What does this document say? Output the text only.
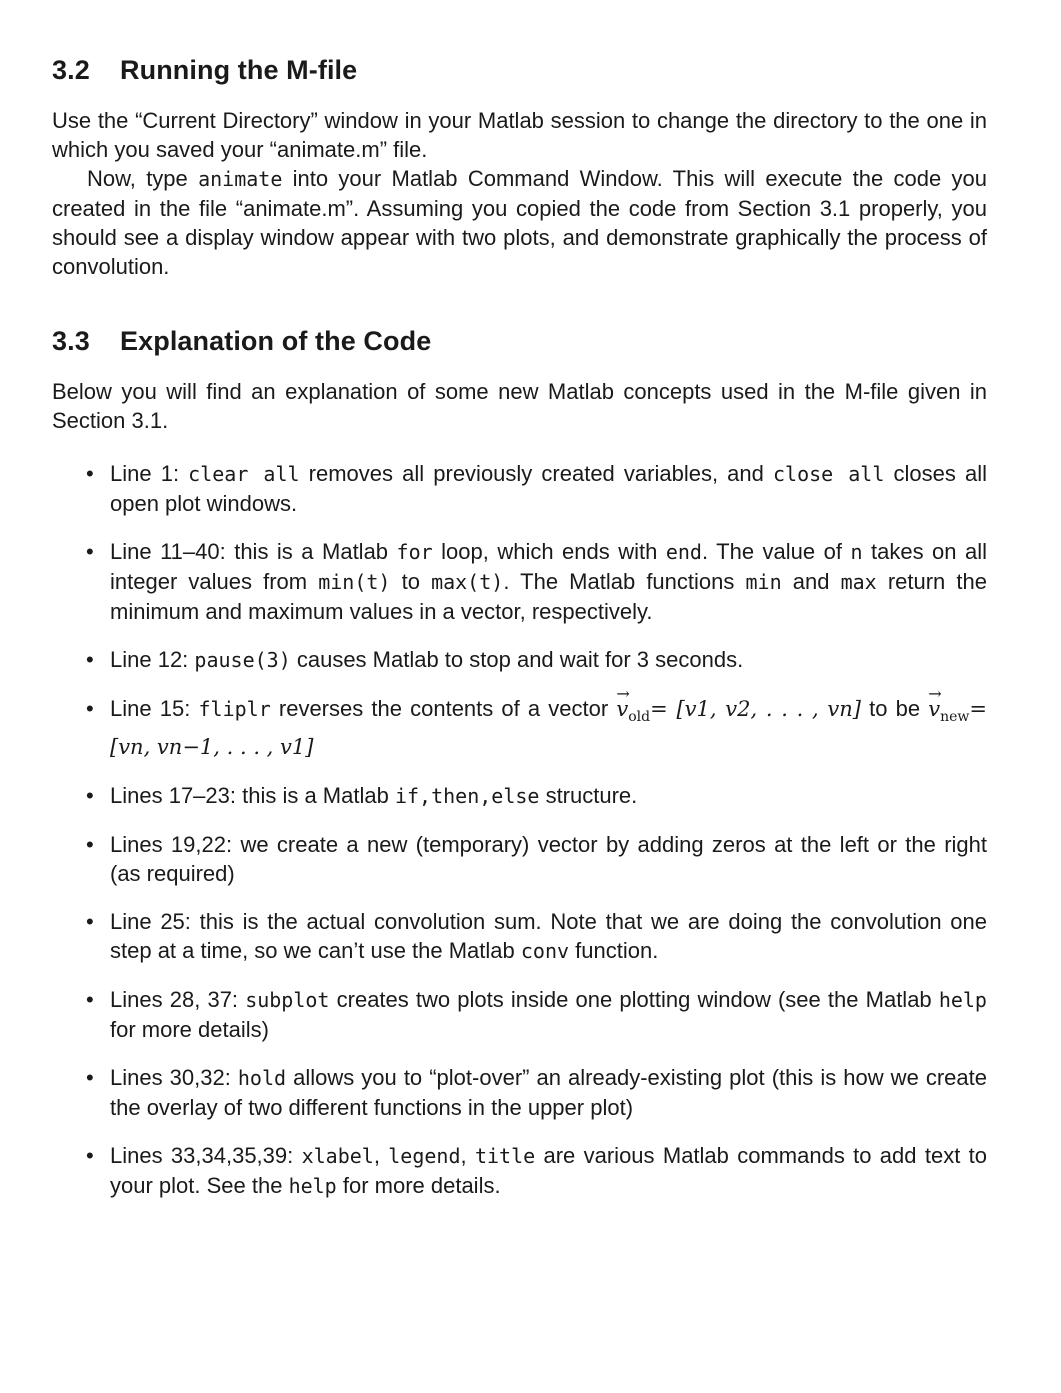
3.2 Running the M-file

Use the “Current Directory” window in your Matlab session to change the directory to the one in which you saved your “animate.m” file.

Now, type animate into your Matlab Command Window. This will execute the code you created in the file “animate.m”. Assuming you copied the code from Section 3.1 properly, you should see a display window appear with two plots, and demonstrate graphically the process of convolution.

3.3 Explanation of the Code

Below you will find an explanation of some new Matlab concepts used in the M-file given in Section 3.1.

• Line 1: clear all removes all previously created variables, and close all closes all open plot windows.
• Line 11–40: this is a Matlab for loop, which ends with end. The value of n takes on all integer values from min(t) to max(t). The Matlab functions min and max return the minimum and maximum values in a vector, respectively.
• Line 12: pause(3) causes Matlab to stop and wait for 3 seconds.
• Line 15: fliplr reverses the contents of a vector → $v_{old}= [v1$, v2, . . . , vn] to be → $v_{new}= [vn$, vn−1, . . . , v1]
• Lines 17–23: this is a Matlab if,then,else structure.
• Lines 19,22: we create a new (temporary) vector by adding zeros at the left or the right (as required)
• Line 25: this is the actual convolution sum. Note that we are doing the convolution one step at a time, so we can’t use the Matlab conv function.
• Lines 28, 37: subplot creates two plots inside one plotting window (see the Matlab help for more details)
• Lines 30,32: hold allows you to “plot-over” an already-existing plot (this is how we create the overlay of two different functions in the upper plot)
• Lines 33,34,35,39: xlabel, legend, title are various Matlab commands to add text to your plot. See the help for more details.
